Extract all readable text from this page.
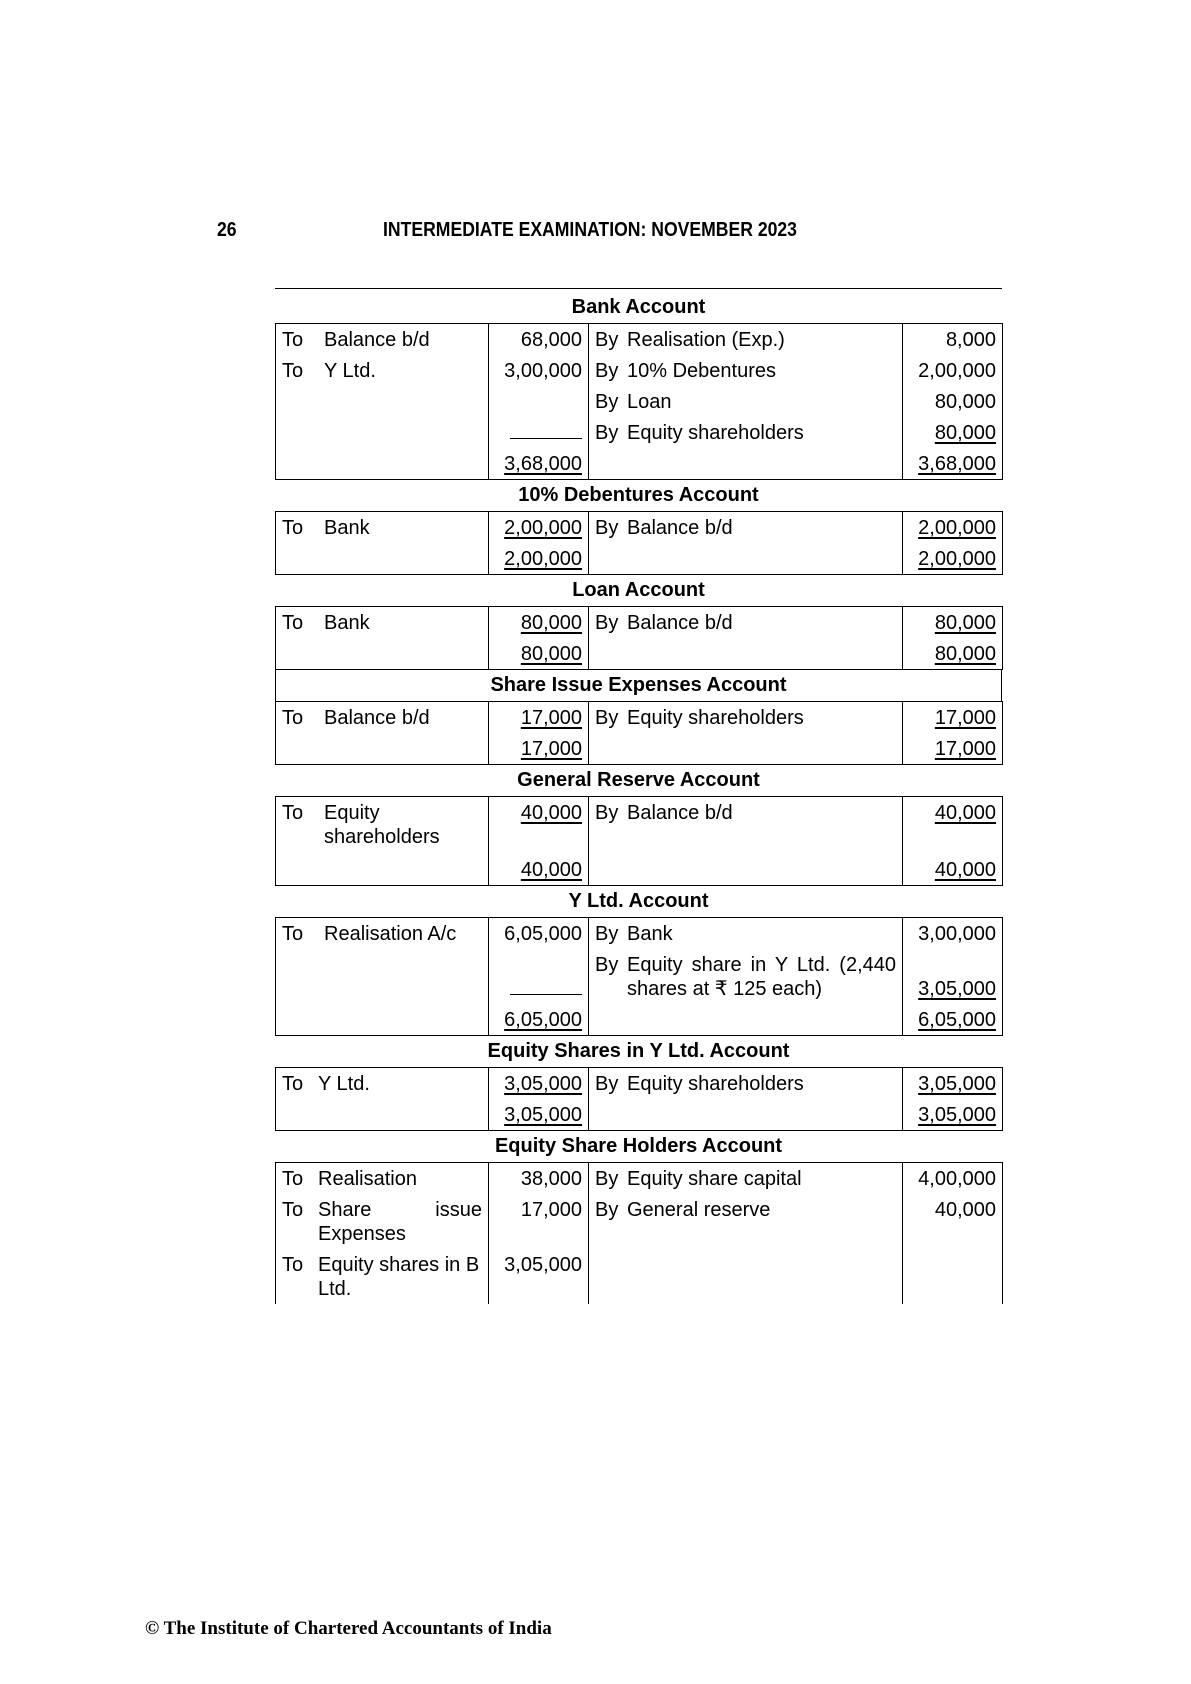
26	INTERMEDIATE EXAMINATION: NOVEMBER 2023
Bank Account
To Balance b/d	68,000	By Realisation (Exp.)	8,000

To Y Ltd.	3,00,000	By 10% Debentures	2,00,000

		By Loan	80,000

		By Equity shareholders	80,000
	3,68,000		3,68,000
10% Debentures Account
To Bank	2,00,000	By Balance b/d	2,00,000
	2,00,000		2,00,000
Loan Account
To Bank	80,000	By Balance b/d	80,000
	80,000		80,000
Share Issue Expenses Account
To Balance b/d	17,000	By Equity shareholders	17,000
	17,000		17,000
General Reserve Account
To Equity shareholders	40,000	By Balance b/d	40,000
	40,000		40,000
Y Ltd. Account
To Realisation A/c	6,05,000	By Bank	3,00,000

		By Equity share in Y Ltd. (2,440 shares at ₹ 125 each)	3,05,000
	6,05,000		6,05,000
Equity Shares in Y Ltd. Account
To Y Ltd.	3,05,000	By Equity shareholders	3,05,000
	3,05,000		3,05,000
Equity Share Holders Account
To Realisation	38,000	By Equity share capital	4,00,000

To Share issue Expenses	17,000	By General reserve	40,000

To Equity shares in B Ltd.	3,05,000		
© The Institute of Chartered Accountants of India
